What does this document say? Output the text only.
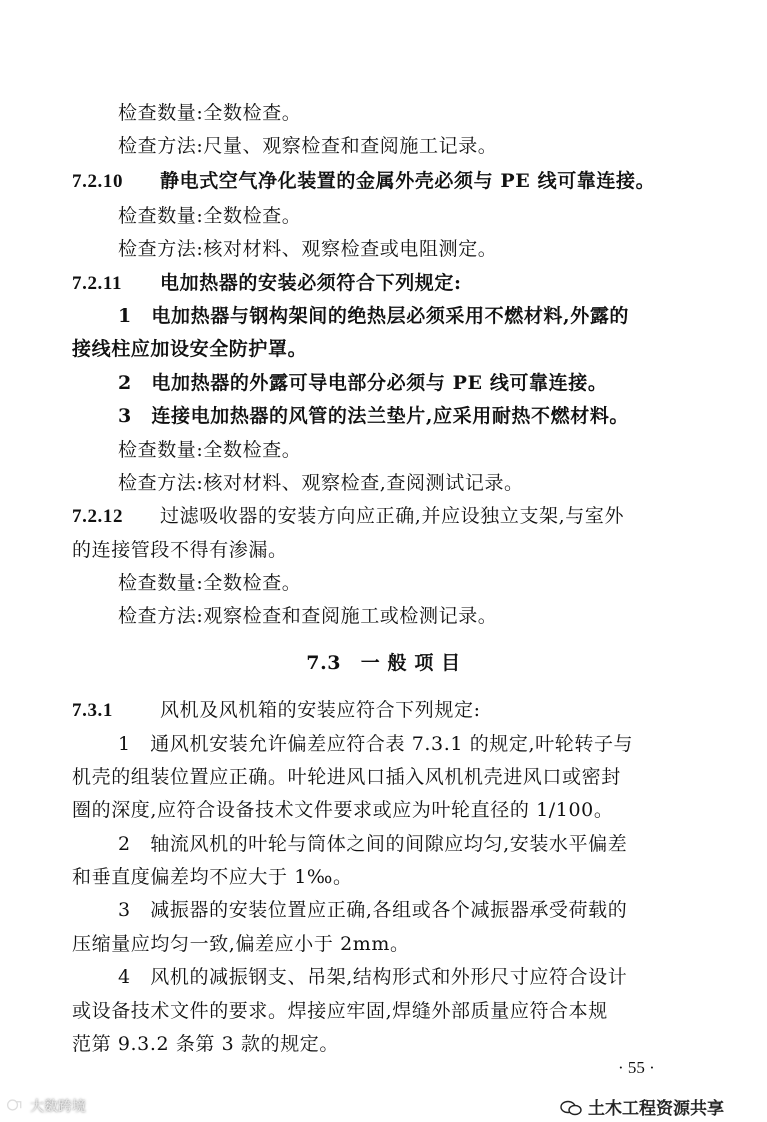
检查数量:全数检查。
检查方法:尺量、观察检查和查阅施工记录。
7.2.10 静电式空气净化装置的金属外壳必须与 PE 线可靠连接。
检查数量:全数检查。
检查方法:核对材料、观察检查或电阻测定。
7.2.11 电加热器的安装必须符合下列规定:
1　电加热器与钢构架间的绝热层必须采用不燃材料,外露的
接线柱应加设安全防护罩。
2　电加热器的外露可导电部分必须与 PE 线可靠连接。
3　连接电加热器的风管的法兰垫片,应采用耐热不燃材料。
检查数量:全数检查。
检查方法:核对材料、观察检查,查阅测试记录。
7.2.12 过滤吸收器的安装方向应正确,并应设独立支架,与室外
的连接管段不得有渗漏。
检查数量:全数检查。
检查方法:观察检查和查阅施工或检测记录。
7.3　一 般 项 目
7.3.1 风机及风机箱的安装应符合下列规定:
1　通风机安装允许偏差应符合表 7.3.1 的规定,叶轮转子与
机壳的组装位置应正确。叶轮进风口插入风机机壳进风口或密封
圈的深度,应符合设备技术文件要求或应为叶轮直径的 1/100。
2　轴流风机的叶轮与筒体之间的间隙应均匀,安装水平偏差
和垂直度偏差均不应大于 1‰。
3　减振器的安装位置应正确,各组或各个减振器承受荷载的
压缩量应均匀一致,偏差应小于 2mm。
4　风机的减振钢支、吊架,结构形式和外形尺寸应符合设计
或设备技术文件的要求。焊接应牢固,焊缝外部质量应符合本规
范第 9.3.2 条第 3 款的规定。
· 55 ·
土木工程资源共享
大数跨境
